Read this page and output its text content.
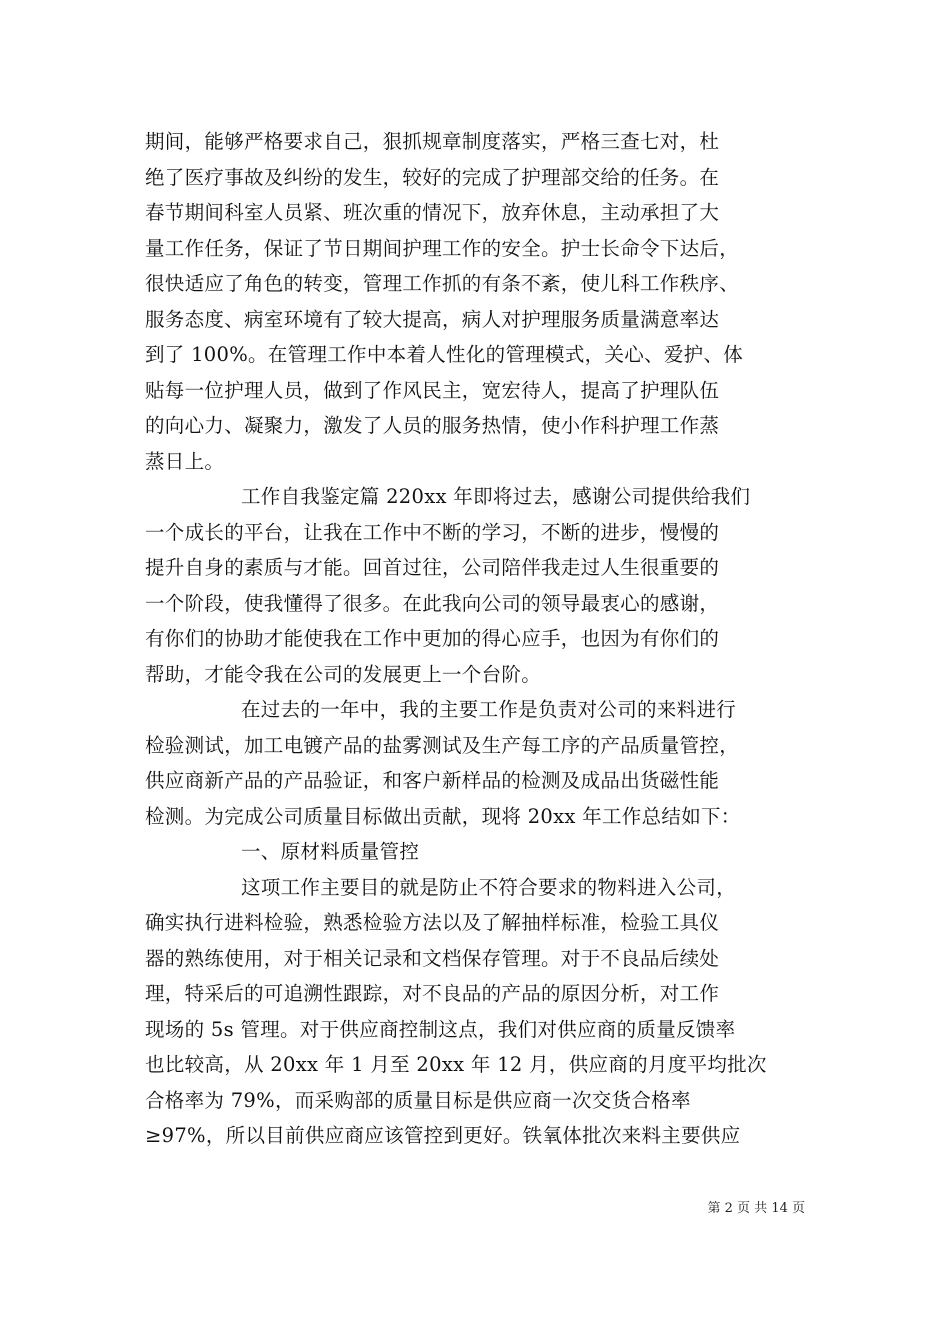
期间，能够严格要求自己，狠抓规章制度落实，严格三查七对，杜
绝了医疗事故及纠纷的发生，较好的完成了护理部交给的任务。在
春节期间科室人员紧、班次重的情况下，放弃休息，主动承担了大
量工作任务，保证了节日期间护理工作的安全。护士长命令下达后，
很快适应了角色的转变，管理工作抓的有条不紊，使儿科工作秩序、
服务态度、病室环境有了较大提高，病人对护理服务质量满意率达
到了 100%。在管理工作中本着人性化的管理模式，关心、爱护、体
贴每一位护理人员，做到了作风民主，宽宏待人，提高了护理队伍
的向心力、凝聚力，激发了人员的服务热情，使小作科护理工作蒸
蒸日上。
工作自我鉴定篇 220xx 年即将过去，感谢公司提供给我们
一个成长的平台，让我在工作中不断的学习，不断的进步，慢慢的
提升自身的素质与才能。回首过往，公司陪伴我走过人生很重要的
一个阶段，使我懂得了很多。在此我向公司的领导最衷心的感谢，
有你们的协助才能使我在工作中更加的得心应手，也因为有你们的
帮助，才能令我在公司的发展更上一个台阶。
在过去的一年中，我的主要工作是负责对公司的来料进行
检验测试，加工电镀产品的盐雾测试及生产每工序的产品质量管控，
供应商新产品的产品验证，和客户新样品的检测及成品出货磁性能
检测。为完成公司质量目标做出贡献，现将 20xx 年工作总结如下：
一、原材料质量管控
这项工作主要目的就是防止不符合要求的物料进入公司，
确实执行进料检验，熟悉检验方法以及了解抽样标准，检验工具仪
器的熟练使用，对于相关记录和文档保存管理。对于不良品后续处
理，特采后的可追溯性跟踪，对不良品的产品的原因分析，对工作
现场的 5s 管理。对于供应商控制这点，我们对供应商的质量反馈率
也比较高，从 20xx 年 1 月至 20xx 年 12 月，供应商的月度平均批次
合格率为 79%，而采购部的质量目标是供应商一次交货合格率
≥97%，所以目前供应商应该管控到更好。铁氧体批次来料主要供应
第 2 页 共 14 页
